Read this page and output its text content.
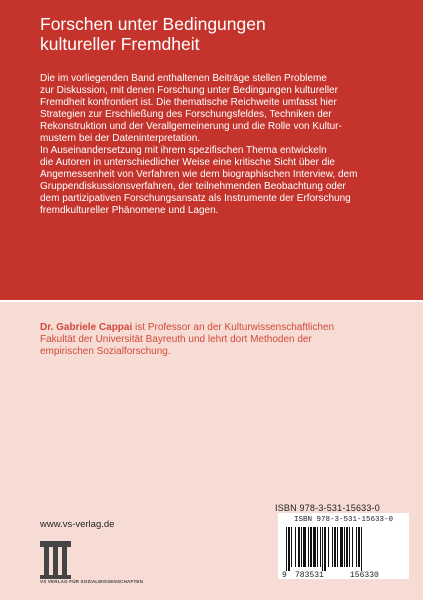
Forschen unter Bedingungen
kultureller Fremdheit
Die im vorliegenden Band enthaltenen Beiträge stellen Probleme
zur Diskussion, mit denen Forschung unter Bedingungen kultureller
Fremdheit konfrontiert ist. Die thematische Reichweite umfasst hier
Strategien zur Erschließung des Forschungsfeldes, Techniken der
Rekonstruktion und der Verallgemeinerung und die Rolle von Kultur-
mustern bei der Dateninterpretation.
In Auseinandersetzung mit ihrem spezifischen Thema entwickeln
die Autoren in unterschiedlicher Weise eine kritische Sicht über die
Angemessenheit von Verfahren wie dem biographischen Interview, dem
Gruppendiskussionsverfahren, der teilnehmenden Beobachtung oder
dem partizipativen Forschungsansatz als Instrumente der Erforschung
fremdkultureller Phänomene und Lagen.
Dr. Gabriele Cappai ist Professor an der Kulturwissenschaftlichen
Fakultät der Universität Bayreuth und lehrt dort Methoden der
empirischen Sozialforschung.
ISBN 978-3-531-15633-0
www.vs-verlag.de
VS VERLAG FÜR SOZIALWISSENSCHAFTEN
ISBN 978-3-531-15633-0
9 783531	156330
